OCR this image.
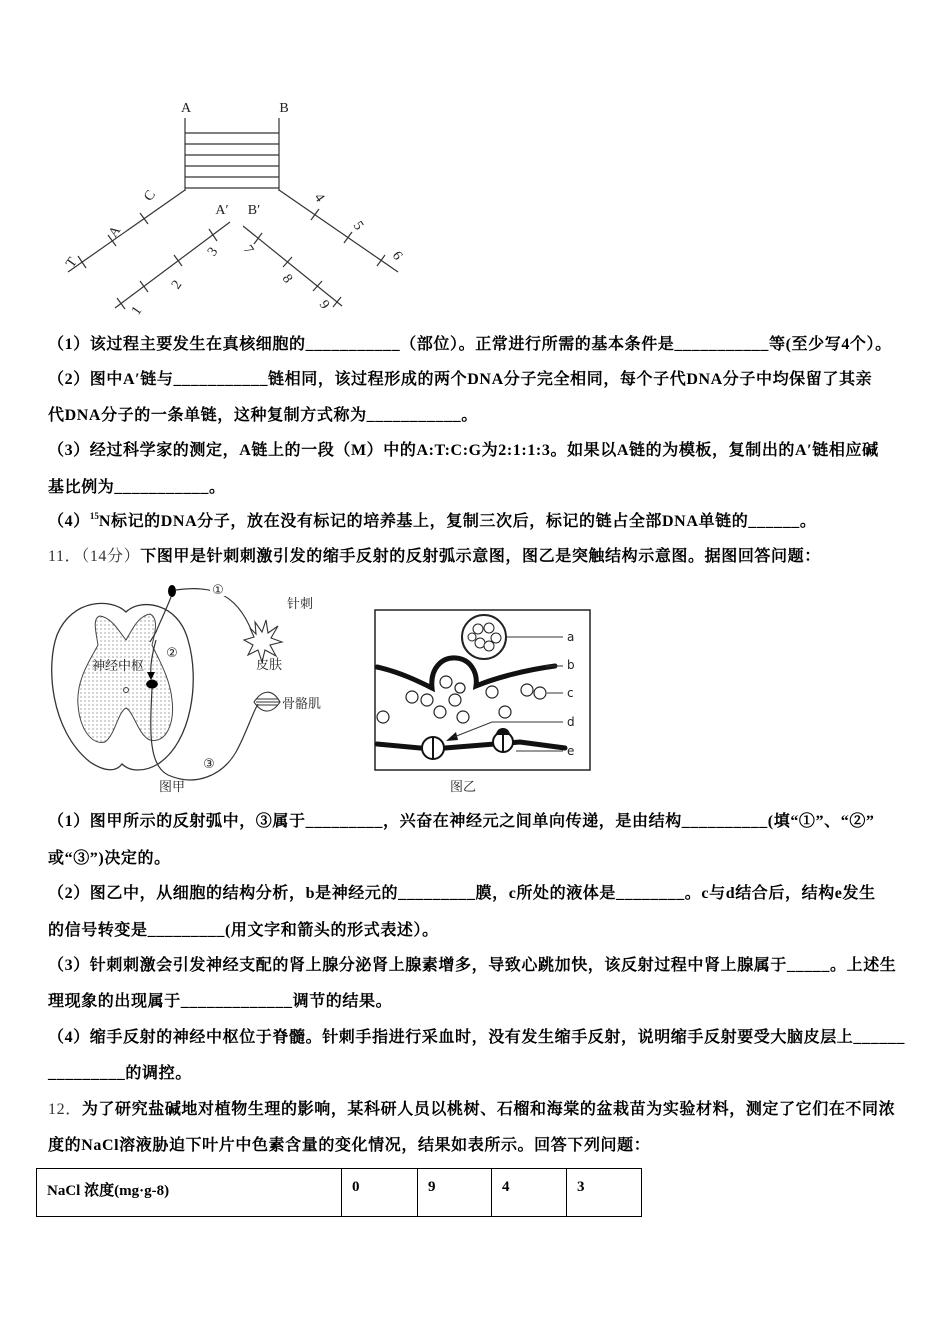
A	B
A′ B′
C
A
T
3
2
1
4
5
6
7
8
9
（1）该过程主要发生在真核细胞的___________（部位）。正常进行所需的基本条件是___________等(至少写4个）。
（2）图中A′链与___________链相同，该过程形成的两个DNA分子完全相同，每个子代DNA分子中均保留了其亲
代DNA分子的一条单链，这种复制方式称为___________。
（3）经过科学家的测定，A链上的一段（M）中的A:T:C:G为2:1:1:3。如果以A链的为模板，复制出的A′链相应碱
基比例为___________。
$(4)^{15}N$标记的DNA分子，放在没有标记的培养基上，复制三次后，标记的链占全部DNA单链的______。
11．（14分）下图甲是针刺刺激引发的缩手反射的反射弧示意图，图乙是突触结构示意图。据图回答问题：
神经中枢
针刺
皮肤
骨骼肌
①
②
③
图甲
a
b
c
d
e
图乙
（1）图甲所示的反射弧中，③属于_________，兴奋在神经元之间单向传递，是由结构__________(填“①”、“②”
或“③”)决定的。
（2）图乙中，从细胞的结构分析，b是神经元的_________膜，c所处的液体是________。c与d结合后，结构e发生
的信号转变是_________(用文字和箭头的形式表述）。
（3）针刺刺激会引发神经支配的肾上腺分泌肾上腺素增多，导致心跳加快，该反射过程中肾上腺属于_____。上述生
理现象的出现属于_____________调节的结果。
（4）缩手反射的神经中枢位于脊髓。针刺手指进行采血时，没有发生缩手反射，说明缩手反射要受大脑皮层上______
_________的调控。
12．为了研究盐碱地对植物生理的影响，某科研人员以桃树、石榴和海棠的盆栽苗为实验材料，测定了它们在不同浓
度的NaCl溶液胁迫下叶片中色素含量的变化情况，结果如表所示。回答下列问题：
NaCl 浓度(mg·g-8)	0	9	4	3
